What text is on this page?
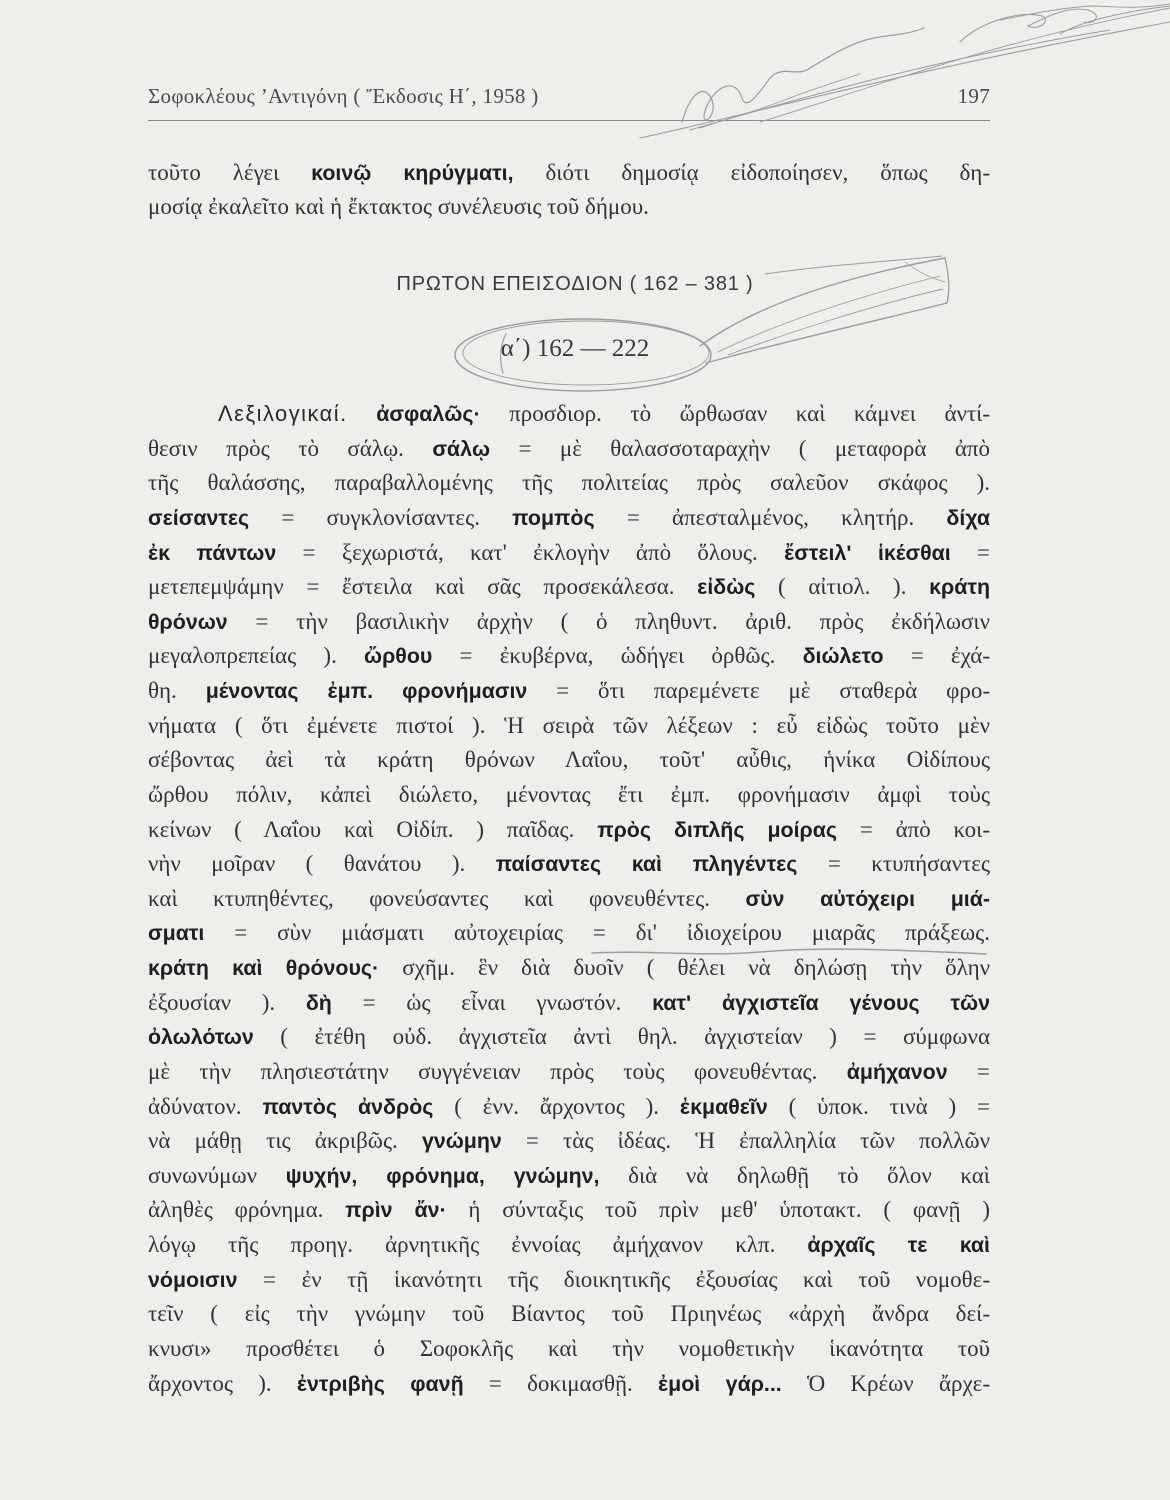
Σοφοκλέους ’Αντιγόνη ( Ἔκδοσις Η΄, 1958 )	197
τοῦτο λέγει κοινῷ κηρύγματι, διότι δημοσίᾳ εἰδοποίησεν, ὅπως δη-
μοσίᾳ ἐκαλεῖτο καὶ ἡ ἔκτακτος συνέλευσις τοῦ δήμου.
ΠΡΩΤΟΝ ΕΠΕΙΣΟΔΙΟΝ ( 162 – 381 )
α΄) 162 — 222
Λεξιλογικαί. ἀσφαλῶς· προσδιορ. τὸ ὤρθωσαν καὶ κάμνει ἀντί-
θεσιν πρὸς τὸ σάλῳ. σάλῳ = μὲ θαλασσοταραχὴν ( μεταφορὰ ἀπὸ
τῆς θαλάσσης, παραβαλλομένης τῆς πολιτείας πρὸς σαλεῦον σκάφος ).
σείσαντες = συγκλονίσαντες. πομπὸς = ἀπεσταλμένος, κλητήρ. δίχα
ἐκ πάντων = ξεχωριστά, κατ' ἐκλογὴν ἀπὸ ὅλους. ἔστειλ' ἱκέσθαι =
μετεπεμψάμην = ἔστειλα καὶ σᾶς προσεκάλεσα. εἰδὼς ( αἰτιολ. ). κράτη
θρόνων = τὴν βασιλικὴν ἀρχὴν ( ὁ πληθυντ. ἀριθ. πρὸς ἐκδήλωσιν
μεγαλοπρεπείας ). ὤρθου = ἐκυβέρνα, ὡδήγει ὀρθῶς. διώλετο = ἐχά-
θη. μένοντας ἐμπ. φρονήμασιν = ὅτι παρεμένετε μὲ σταθερὰ φρο-
νήματα ( ὅτι ἐμένετε πιστοί ). Ἡ σειρὰ τῶν λέξεων : εὖ εἰδὼς τοῦτο μὲν
σέβοντας ἀεὶ τὰ κράτη θρόνων Λαΐου, τοῦτ' αὖθις, ἡνίκα Οἰδίπους
ὤρθου πόλιν, κἀπεὶ διώλετο, μένοντας ἔτι ἐμπ. φρονήμασιν ἀμφὶ τοὺς
κείνων ( Λαΐου καὶ Οἰδίπ. ) παῖδας. πρὸς διπλῆς μοίρας = ἀπὸ κοι-
νὴν μοῖραν ( θανάτου ). παίσαντες καὶ πληγέντες = κτυπήσαντες
καὶ κτυπηθέντες, φονεύσαντες καὶ φονευθέντες. σὺν αὐτόχειρι μιά-
σματι = σὺν μιάσματι αὐτοχειρίας = δι' ἰδιοχείρου μιαρᾶς πράξεως.
κράτη καὶ θρόνους· σχῆμ. ἓν διὰ δυοῖν ( θέλει νὰ δηλώσῃ τὴν ὅλην
ἐξουσίαν ). δὴ = ὡς εἶναι γνωστόν. κατ' ἀγχιστεῖα γένους τῶν
ὀλωλότων ( ἐτέθη οὐδ. ἀγχιστεῖα ἀντὶ θηλ. ἀγχιστείαν ) = σύμφωνα
μὲ τὴν πλησιεστάτην συγγένειαν πρὸς τοὺς φονευθέντας. ἀμήχανον =
ἀδύνατον. παντὸς ἀνδρὸς ( ἐνν. ἄρχοντος ). ἐκμαθεῖν ( ὑποκ. τινὰ ) =
νὰ μάθῃ τις ἀκριβῶς. γνώμην = τὰς ἰδέας. Ἡ ἐπαλληλία τῶν πολλῶν
συνωνύμων ψυχήν, φρόνημα, γνώμην, διὰ νὰ δηλωθῇ τὸ ὅλον καὶ
ἀληθὲς φρόνημα. πρὶν ἄν· ἡ σύνταξις τοῦ πρὶν μεθ' ὑποτακτ. ( φανῇ )
λόγῳ τῆς προηγ. ἀρνητικῆς ἐννοίας ἀμήχανον κλπ. ἀρχαῖς τε καὶ
νόμοισιν = ἐν τῇ ἱκανότητι τῆς διοικητικῆς ἐξουσίας καὶ τοῦ νομοθε-
τεῖν ( εἰς τὴν γνώμην τοῦ Βίαντος τοῦ Πριηνέως «ἀρχὴ ἄνδρα δεί-
κνυσι» προσθέτει ὁ Σοφοκλῆς καὶ τὴν νομοθετικὴν ἱκανότητα τοῦ
ἄρχοντος ). ἐντριβὴς φανῇ = δοκιμασθῇ. ἐμοὶ γάρ... Ὁ Κρέων ἄρχε-
